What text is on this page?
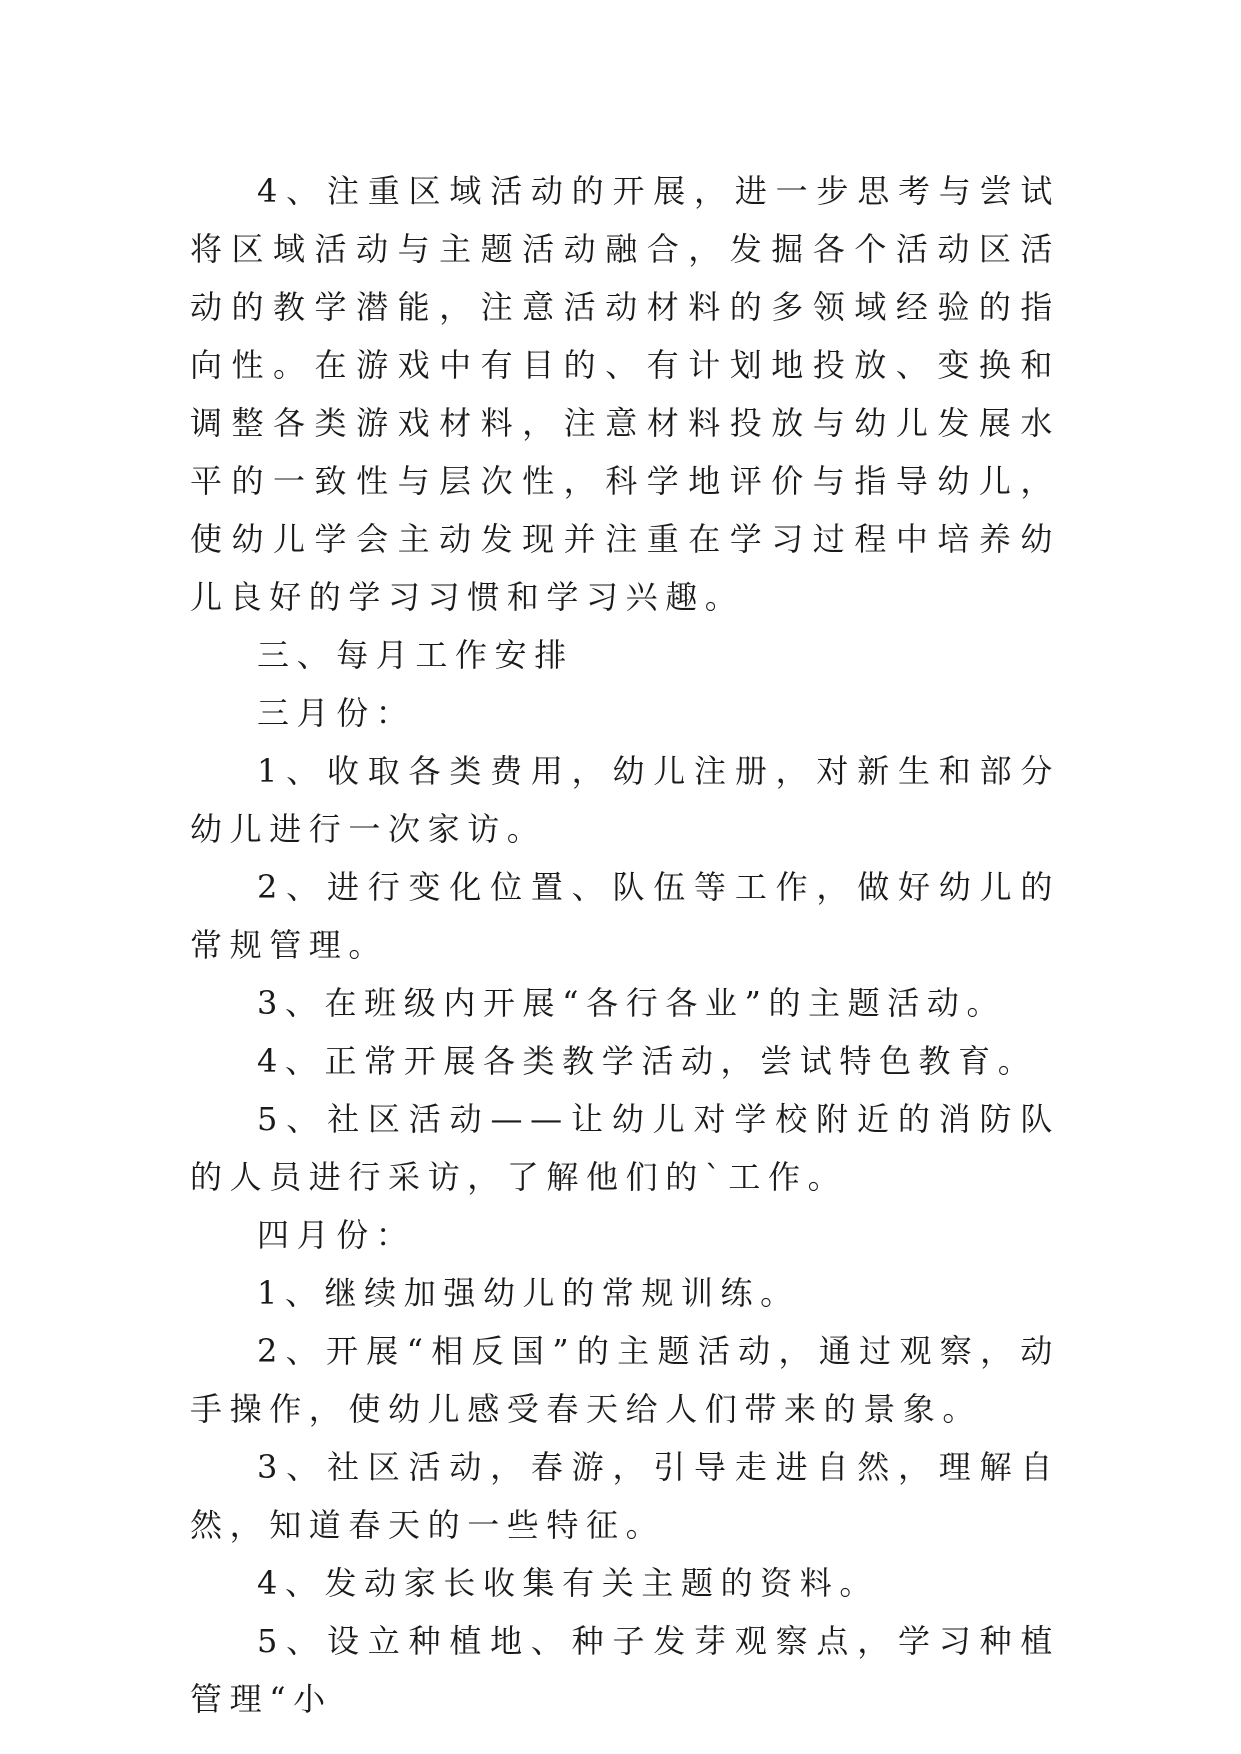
4、注重区域活动的开展，进一步思考与尝试将区域活动与主题活动融合，发掘各个活动区活动的教学潜能，注意活动材料的多领域经验的指向性。在游戏中有目的、有计划地投放、变换和调整各类游戏材料，注意材料投放与幼儿发展水平的一致性与层次性，科学地评价与指导幼儿，使幼儿学会主动发现并注重在学习过程中培养幼儿良好的学习习惯和学习兴趣。

三、每月工作安排

三月份：

1、收取各类费用，幼儿注册，对新生和部分幼儿进行一次家访。

2、进行变化位置、队伍等工作，做好幼儿的常规管理。

3、在班级内开展“各行各业”的主题活动。

4、正常开展各类教学活动，尝试特色教育。

5、社区活动——让幼儿对学校附近的消防队的人员进行采访，了解他们的`工作。

四月份：

1、继续加强幼儿的常规训练。

2、开展“相反国”的主题活动，通过观察，动手操作，使幼儿感受春天给人们带来的景象。

3、社区活动，春游，引导走进自然，理解自然，知道春天的一些特征。

4、发动家长收集有关主题的资料。

5、设立种植地、种子发芽观察点，学习种植管理“小
